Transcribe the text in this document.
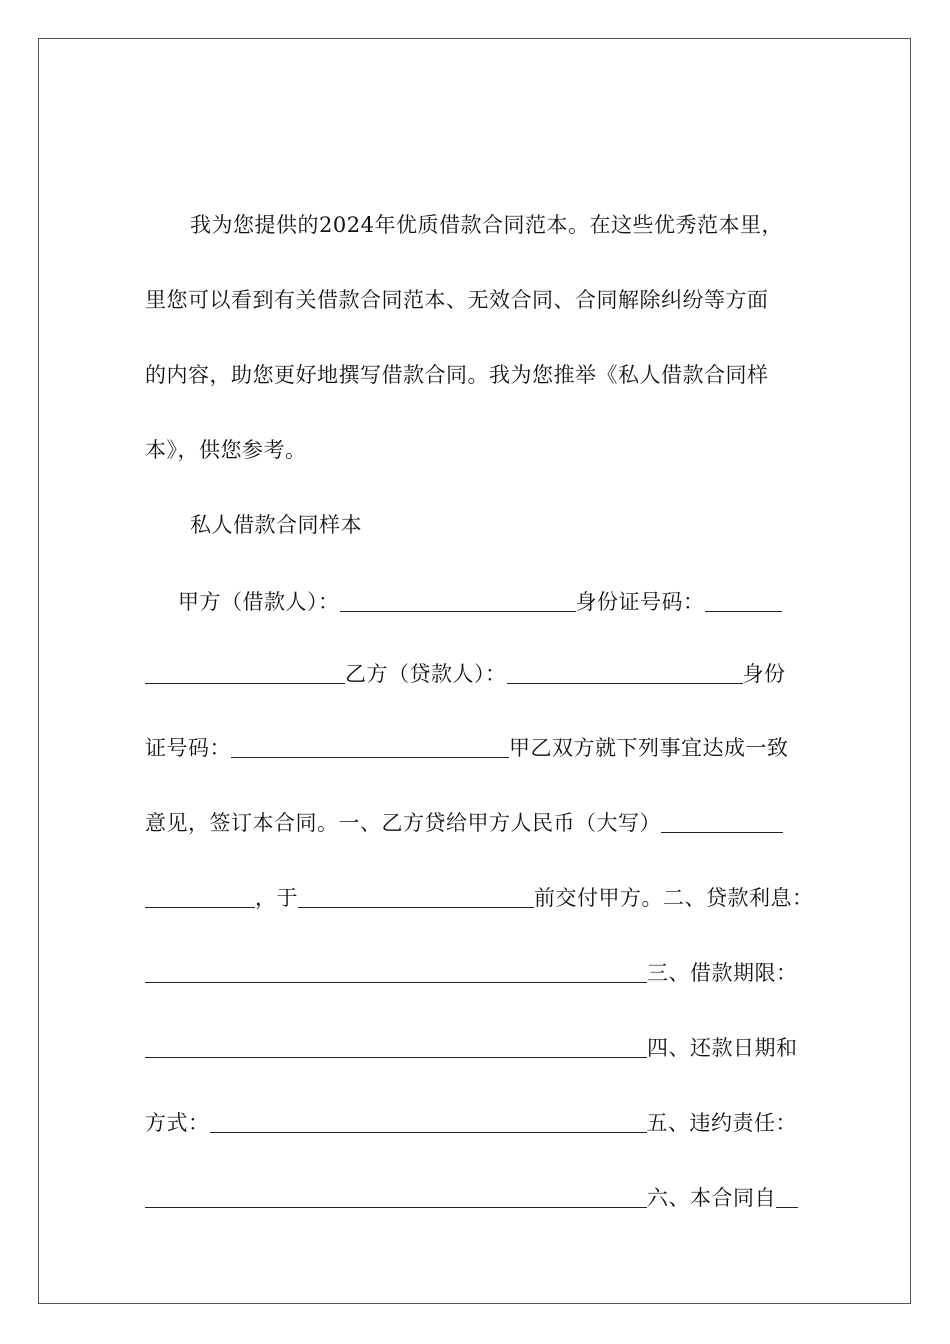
我为您提供的2024年优质借款合同范本。在这些优秀范本里，
里您可以看到有关借款合同范本、无效合同、合同解除纠纷等方面
的内容，助您更好地撰写借款合同。我为您推举《私人借款合同样
本》，供您参考。
私人借款合同样本
甲方（借款人）：	身份证号码：
乙方（贷款人）：	身份
证号码：	甲乙双方就下列事宜达成一致
意见，签订本合同。一、乙方贷给甲方人民币（大写）
，于	前交付甲方。二、贷款利息：
三、借款期限：
四、还款日期和
方式：	五、违约责任：
六、本合同自
